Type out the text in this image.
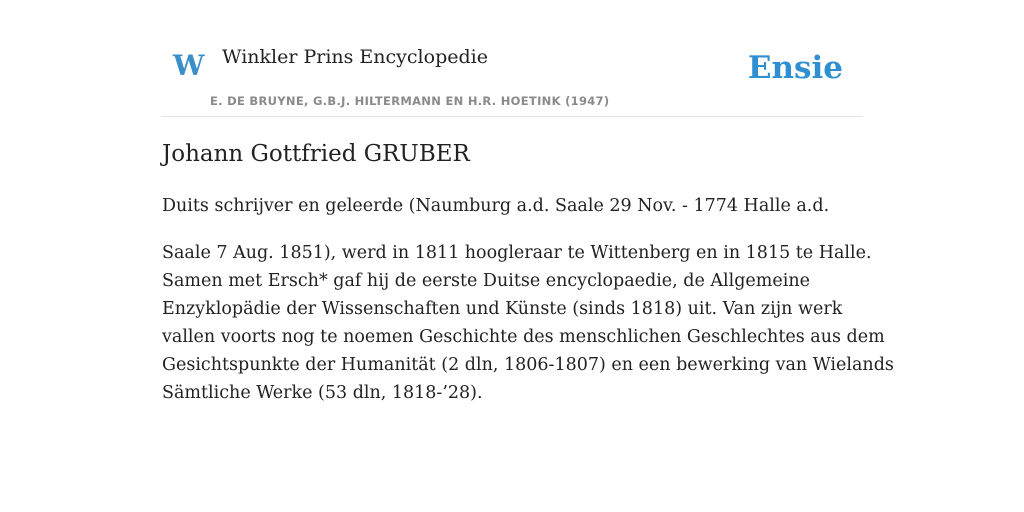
W Winkler Prins Encyclopedie
E. DE BRUYNE, G.B.J. HILTERMANN EN H.R. HOETINK (1947)
Ensie
Johann Gottfried GRUBER

Duits schrijver en geleerde (Naumburg a.d. Saale 29 Nov. - 1774 Halle a.d.

Saale 7 Aug. 1851), werd in 1811 hoogleraar te Wittenberg en in 1815 te Halle.
Samen met Ersch* gaf hij de eerste Duitse encyclopaedie, de Allgemeine
Enzyklopädie der Wissenschaften und Künste (sinds 1818) uit. Van zijn werk
vallen voorts nog te noemen Geschichte des menschlichen Geschlechtes aus dem
Gesichtspunkte der Humanität (2 dln, 1806-1807) en een bewerking van Wielands
Sämtliche Werke (53 dln, 1818-’28).
